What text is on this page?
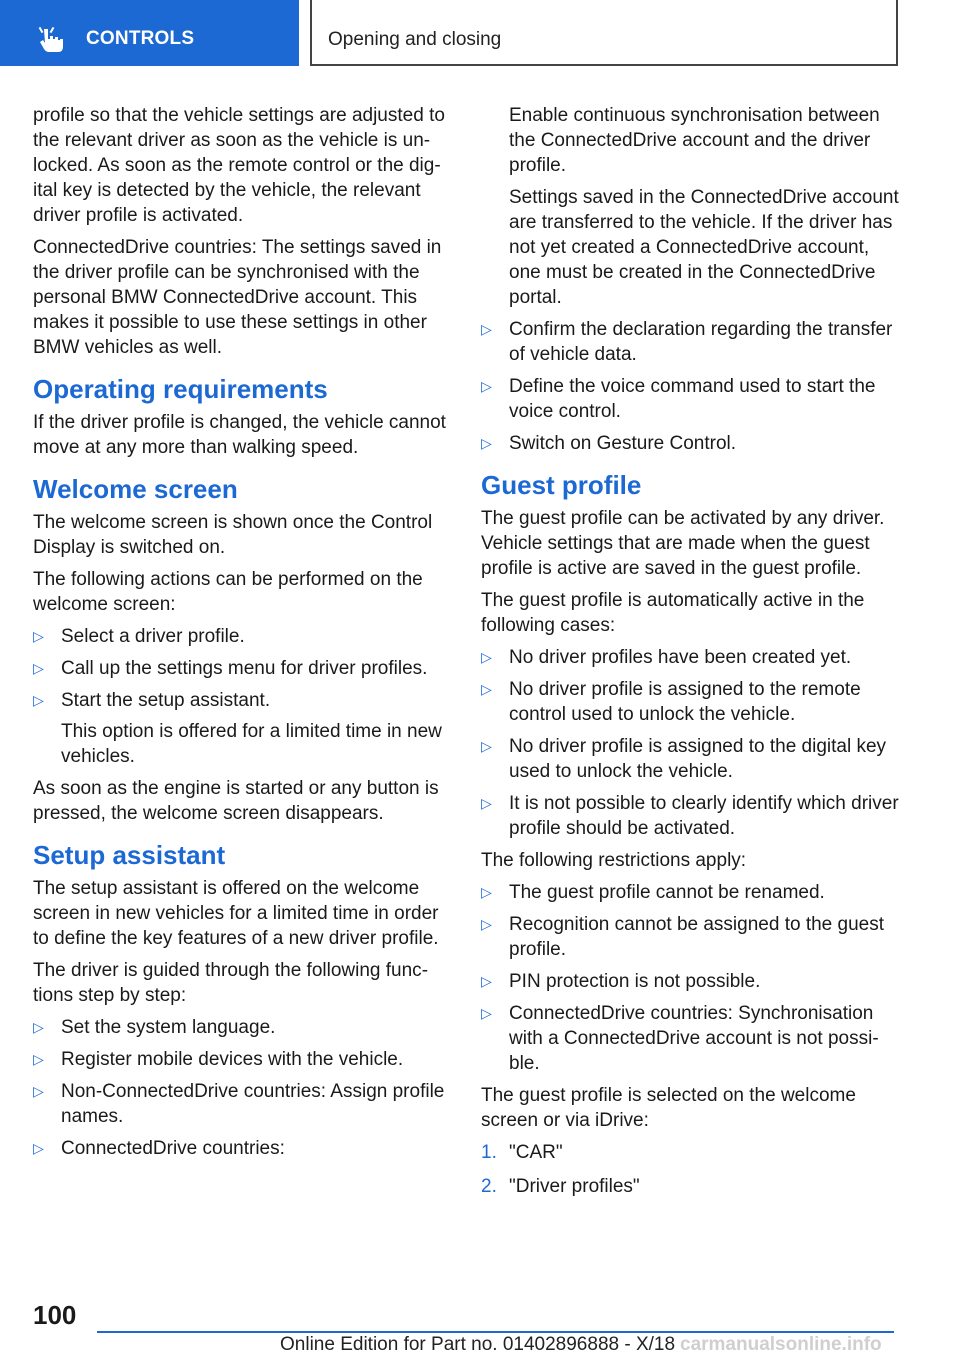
CONTROLS	Opening and closing

profile so that the vehicle settings are adjusted to the relevant driver as soon as the vehicle is unlocked. As soon as the remote control or the digital key is detected by the vehicle, the relevant driver profile is activated.

ConnectedDrive countries: The settings saved in the driver profile can be synchronised with the personal BMW ConnectedDrive account. This makes it possible to use these settings in other BMW vehicles as well.

Operating requirements

If the driver profile is changed, the vehicle cannot move at any more than walking speed.

Welcome screen

The welcome screen is shown once the Control Display is switched on.

The following actions can be performed on the welcome screen:

▷ Select a driver profile.
▷ Call up the settings menu for driver profiles.
▷ Start the setup assistant.

This option is offered for a limited time in new vehicles.

As soon as the engine is started or any button is pressed, the welcome screen disappears.

Setup assistant

The setup assistant is offered on the welcome screen in new vehicles for a limited time in order to define the key features of a new driver profile.

The driver is guided through the following functions step by step:

▷ Set the system language.
▷ Register mobile devices with the vehicle.
▷ Non-ConnectedDrive countries: Assign profile names.
▷ ConnectedDrive countries:

Enable continuous synchronisation between the ConnectedDrive account and the driver profile.

Settings saved in the ConnectedDrive account are transferred to the vehicle. If the driver has not yet created a ConnectedDrive account, one must be created in the ConnectedDrive portal.

▷ Confirm the declaration regarding the transfer of vehicle data.
▷ Define the voice command used to start the voice control.
▷ Switch on Gesture Control.
Guest profile

The guest profile can be activated by any driver. Vehicle settings that are made when the guest profile is active are saved in the guest profile.

The guest profile is automatically active in the following cases:

▷ No driver profiles have been created yet.
▷ No driver profile is assigned to the remote control used to unlock the vehicle.
▷ No driver profile is assigned to the digital key used to unlock the vehicle.
▷ It is not possible to clearly identify which driver profile should be activated.

The following restrictions apply:

▷ The guest profile cannot be renamed.
▷ Recognition cannot be assigned to the guest profile.
▷ PIN protection is not possible.
▷ ConnectedDrive countries: Synchronisation with a ConnectedDrive account is not possible.

The guest profile is selected on the welcome screen or via iDrive:

1. "CAR"
2. "Driver profiles"
100
Online Edition for Part no. 01402896888 - X/18 carmanualsonline.info
